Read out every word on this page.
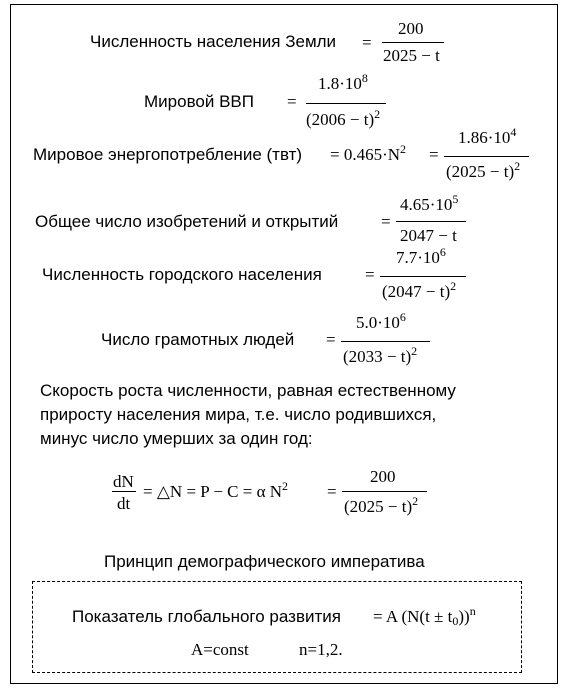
Численность населения Земли =
200
2025 − t
Мировой ВВП =
$1.8\cdot 10^8$
$(2006 - t)^2$
Мировое энергопотребление $(твт) = 0.465\cdot N^2$ =
$1.86\cdot 10^4$
$(2025 - t)^2$
Общее число изобретений и открытий	=
$4.65\cdot 10^5$
2047 − t
Численность городского населения	=
$7.7\cdot 10^6$
$(2047 - t)^2$
Число грамотных людей =
$5.0\cdot 10^6$
$(2033 - t)^2$
Скорость роста численности, равная естественному
приросту населения мира, т.е. число родившихся,
минус число умерших за один год:
dN
dt
= △N = P − C = α $N^2$ =
200
$(2025 - t)^2$
Принцип демографического императива
Показатель глобального развития = A $(N(t \pm t_0))^n$
A=const	n=1,2.
